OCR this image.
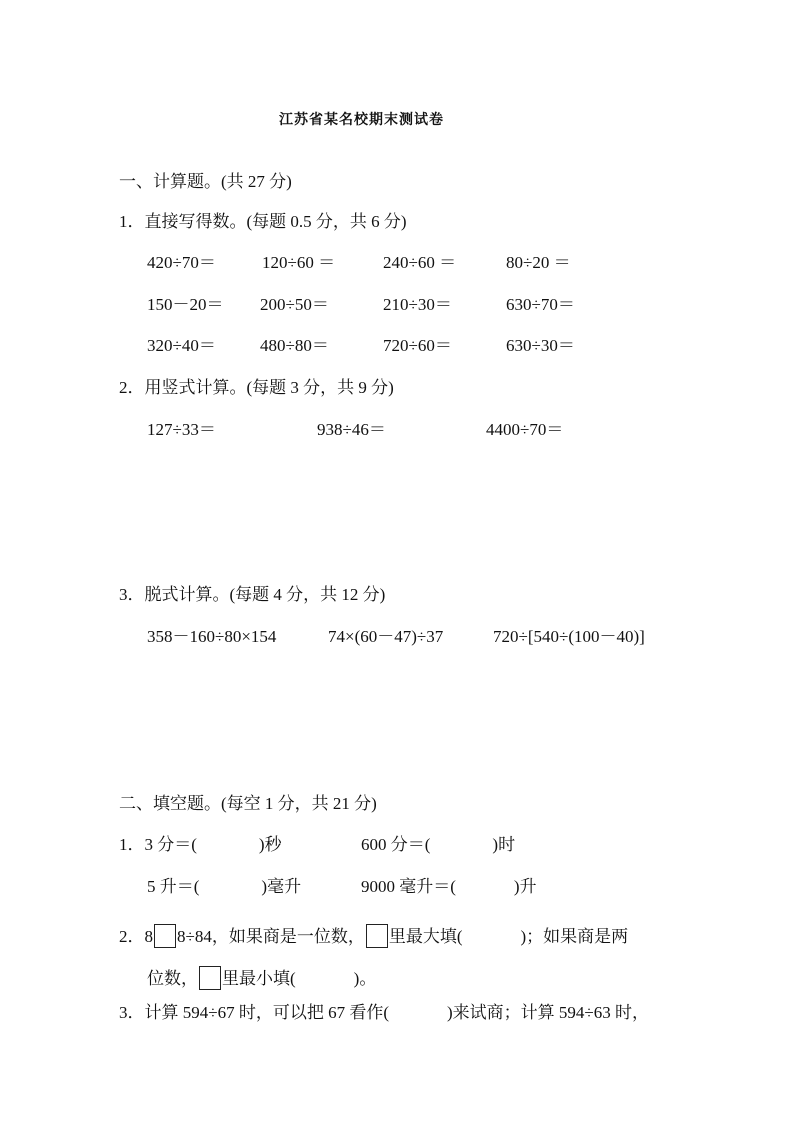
江苏省某名校期末测试卷
一、计算题。(共 27 分)
1．直接写得数。(每题 0.5 分，共 6 分)
420÷70＝	120÷60 ＝	240÷60 ＝	80÷20 ＝
150－20＝ 200÷50＝	210÷30＝	630÷70＝
320÷40＝	480÷80＝	720÷60＝	630÷30＝
2．用竖式计算。(每题 3 分，共 9 分)
127÷33＝	938÷46＝	4400÷70＝
3．脱式计算。(每题 4 分，共 12 分)
358－160÷80×154	74×(60－47)÷37	720÷[540÷(100－40)]
二、填空题。(每空 1 分，共 21 分)
1．3 分＝(	)秒	600 分＝(	)时
5 升＝(	)毫升	9000 毫升＝(	)升
2．8 8÷84，如果商是一位数， 里最大填(	)；如果商是两
位数， 里最小填(	)。
3．计算 594÷67 时，可以把 67 看作(	)来试商；计算 594÷63 时，
